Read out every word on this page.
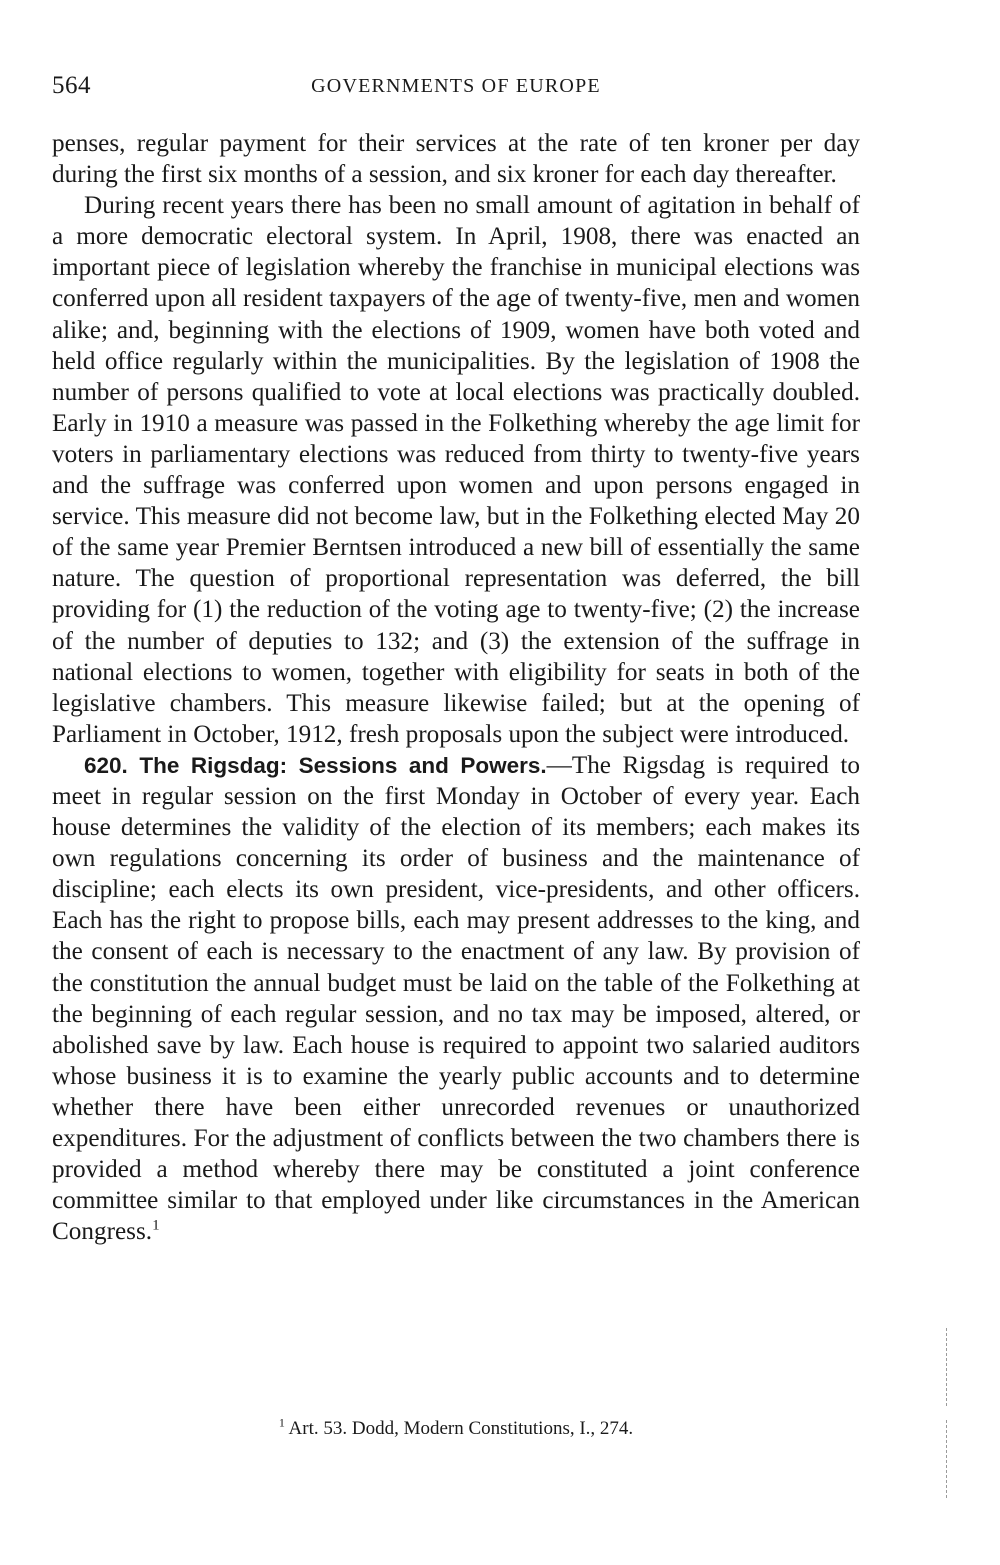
564	GOVERNMENTS OF EUROPE

penses, regular payment for their services at the rate of ten kroner per day during the first six months of a session, and six kroner for each day thereafter.

During recent years there has been no small amount of agitation in behalf of a more democratic electoral system. In April, 1908, there was enacted an important piece of legislation whereby the franchise in municipal elections was conferred upon all resident taxpayers of the age of twenty-five, men and women alike; and, beginning with the elections of 1909, women have both voted and held office regularly within the municipalities. By the legislation of 1908 the number of persons qualified to vote at local elections was practically doubled. Early in 1910 a measure was passed in the Folkething whereby the age limit for voters in parliamentary elections was reduced from thirty to twenty-five years and the suffrage was conferred upon women and upon persons engaged in service. This measure did not become law, but in the Folkething elected May 20 of the same year Premier Berntsen introduced a new bill of essentially the same nature. The question of proportional representation was deferred, the bill providing for (1) the reduction of the voting age to twenty-five; (2) the increase of the number of deputies to 132; and (3) the extension of the suffrage in national elections to women, together with eligibility for seats in both of the legislative chambers. This measure likewise failed; but at the opening of Parliament in October, 1912, fresh proposals upon the subject were introduced.

620. The Rigsdag: Sessions and Powers.—The Rigsdag is required to meet in regular session on the first Monday in October of every year. Each house determines the validity of the election of its members; each makes its own regulations concerning its order of business and the maintenance of discipline; each elects its own president, vice-presidents, and other officers. Each has the right to propose bills, each may present addresses to the king, and the consent of each is necessary to the enactment of any law. By provision of the constitution the annual budget must be laid on the table of the Folkething at the beginning of each regular session, and no tax may be imposed, altered, or abolished save by law. Each house is required to appoint two salaried auditors whose business it is to examine the yearly public accounts and to determine whether there have been either unrecorded revenues or unauthorized expenditures. For the adjustment of conflicts between the two chambers there is provided a method whereby there may be constituted a joint conference committee similar to that employed under like circumstances in the American Congress.$^1$

$^1$ Art. 53. Dodd, Modern Constitutions, I., 274.
